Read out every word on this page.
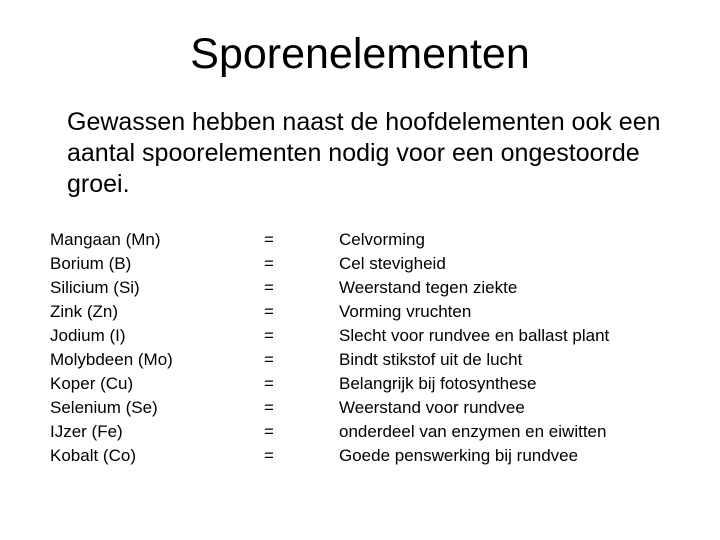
Sporenelementen

Gewassen hebben naast de hoofdelementen ook een aantal spoorelementen nodig voor een ongestoorde groei.

Mangaan (Mn)	=	Celvorming
Borium (B)	=	Cel stevigheid
Silicium (Si)	=	Weerstand tegen ziekte
Zink (Zn)	=	Vorming vruchten
Jodium (I)	=	Slecht voor rundvee en ballast plant
Molybdeen (Mo)	=	Bindt stikstof uit de lucht
Koper (Cu)	=	Belangrijk bij fotosynthese
Selenium (Se)	=	Weerstand voor rundvee
IJzer (Fe)	=	onderdeel van enzymen en eiwitten
Kobalt (Co)	=	Goede penswerking bij rundvee
